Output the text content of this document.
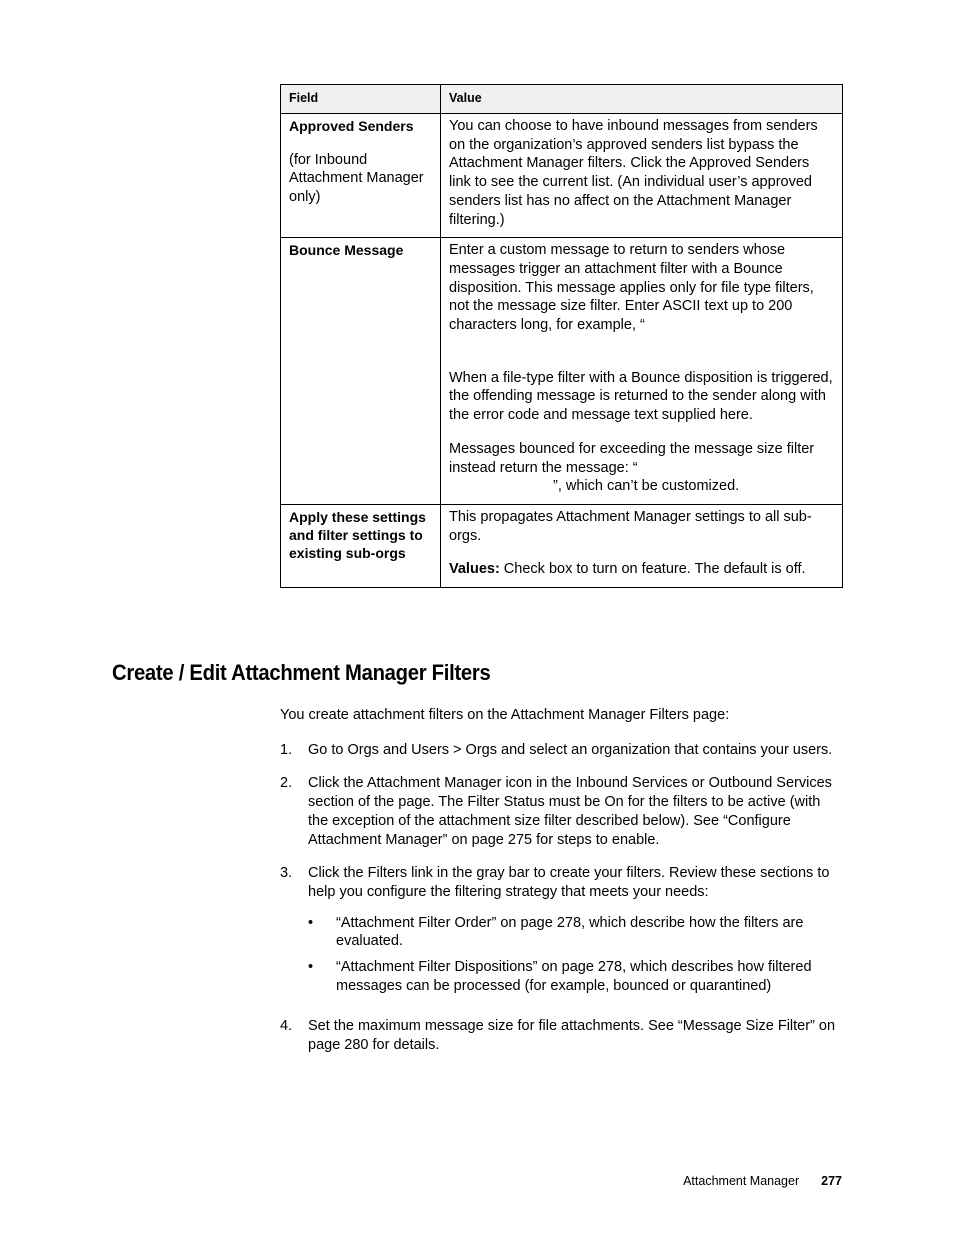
Field	Value

Approved Senders

(for Inbound Attachment Manager only)	You can choose to have inbound messages from senders on the organization’s approved senders list bypass the Attachment Manager filters. Click the Approved Senders link to see the current list. (An individual user’s approved senders list has no affect on the Attachment Manager filtering.)

Bounce Message	Enter a custom message to return to senders whose messages trigger an attachment filter with a Bounce disposition. This message applies only for file type filters, not the message size filter. Enter ASCII text up to 200 characters long, for example, “

When a file-type filter with a Bounce disposition is triggered, the offending message is returned to the sender along with the error code and message text supplied here.

Messages bounced for exceeding the message size filter instead return the message: “

”, which can’t be customized.

Apply these settings and filter settings to existing sub-orgs	This propagates Attachment Manager settings to all sub-orgs.

Values: Check box to turn on feature. The default is off.

Create / Edit Attachment Manager Filters

You create attachment filters on the Attachment Manager Filters page:

1.	Go to Orgs and Users > Orgs and select an organization that contains your users.
2.	Click the Attachment Manager icon in the Inbound Services or Outbound Services section of the page. The Filter Status must be On for the filters to be active (with the exception of the attachment size filter described below). See “Configure Attachment Manager” on page 275 for steps to enable.
3.	Click the Filters link in the gray bar to create your filters. Review these sections to help you configure the filtering strategy that meets your needs:
•	“Attachment Filter Order” on page 278, which describe how the filters are evaluated.
•	“Attachment Filter Dispositions” on page 278, which describes how filtered messages can be processed (for example, bounced or quarantined)
4.	Set the maximum message size for file attachments. See “Message Size Filter” on page 280 for details.
Attachment Manager 277
